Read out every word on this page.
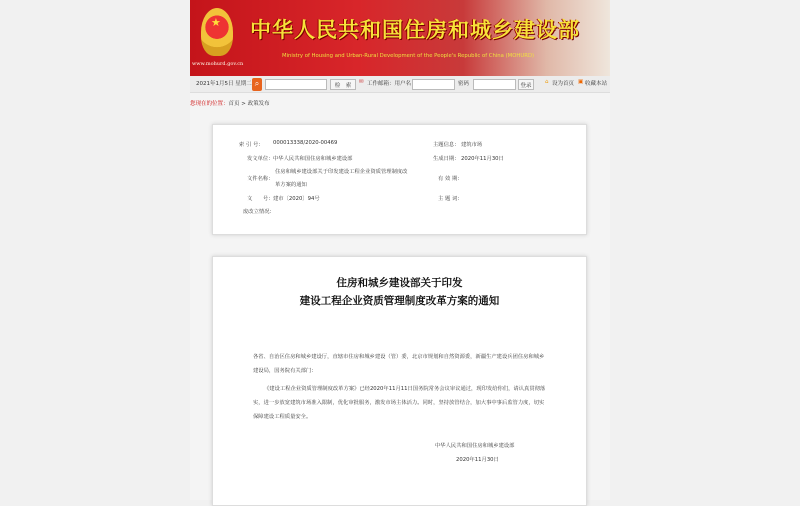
★
www.mohurd.gov.cn
中华人民共和国住房和城乡建设部
Ministry of Housing and Urban-Rural Development of the People's Republic of China (MOHURD)
2021年1月5日 星期二 ⌕	检　索
✉ 工作邮箱：用户名	密码	登录
⌂ 设为首页 ▣ 收藏本站
您现在的位置：首页 > 政策发布
索 引 号： 000013338/2020-00469	主题信息： 建筑市场
发文单位： 中华人民共和国住房和城乡建设部	生成日期： 2020年11月30日
文件名称：
住房和城乡建设部关于印发建设工程企业资质管理制度改
革方案的通知
有 效 期：
文　　号： 建市〔2020〕94号	主 题 词：
废改立情况：
住房和城乡建设部关于印发
建设工程企业资质管理制度改革方案的通知
各省、自治区住房和城乡建设厅，直辖市住房和城乡建设（管）委，北京市规划和自然资源委，新疆生产建设兵团住房和城乡建设局，国务院有关部门：
《建设工程企业资质管理制度改革方案》已经2020年11月11日国务院常务会议审议通过，现印发给你们，请认真贯彻落实，进一步放宽建筑市场准入限制，优化审批服务，激发市场主体活力。同时，坚持放管结合，加大事中事后监管力度，切实保障建设工程质量安全。
中华人民共和国住房和城乡建设部
2020年11月30日
